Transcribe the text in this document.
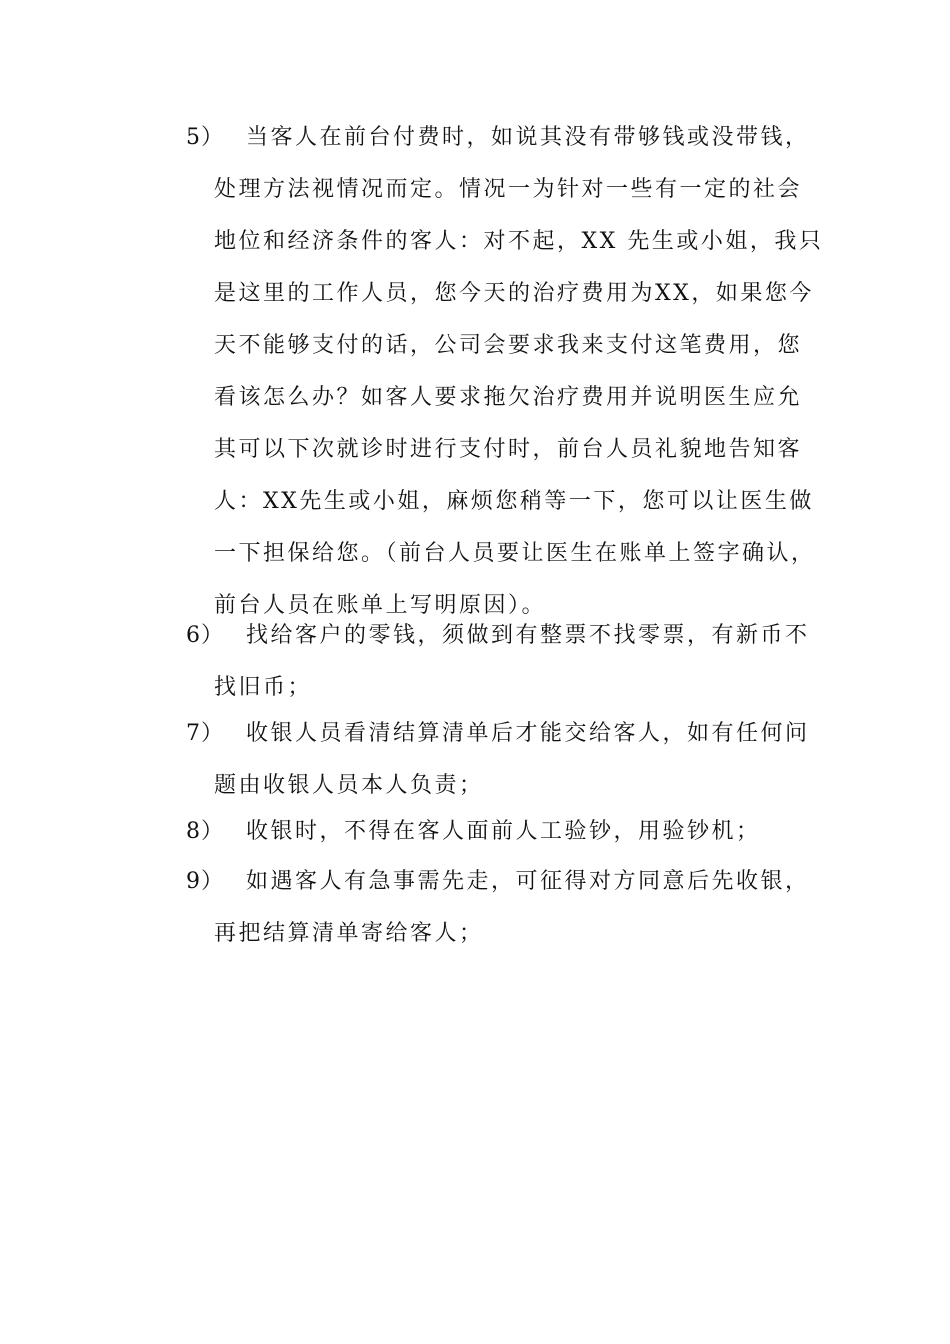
5）	当客人在前台付费时，如说其没有带够钱或没带钱，
处理方法视情况而定。情况一为针对一些有一定的社会
地位和经济条件的客人：对不起，XX 先生或小姐，我只
是这里的工作人员，您今天的治疗费用为XX，如果您今
天不能够支付的话，公司会要求我来支付这笔费用，您
看该怎么办？如客人要求拖欠治疗费用并说明医生应允
其可以下次就诊时进行支付时，前台人员礼貌地告知客
人：XX先生或小姐，麻烦您稍等一下，您可以让医生做
一下担保给您。（前台人员要让医生在账单上签字确认，
前台人员在账单上写明原因）。
6）	找给客户的零钱，须做到有整票不找零票，有新币不
找旧币；
7）	收银人员看清结算清单后才能交给客人，如有任何问
题由收银人员本人负责；
8）	收银时，不得在客人面前人工验钞，用验钞机；
9）	如遇客人有急事需先走，可征得对方同意后先收银，
再把结算清单寄给客人；
